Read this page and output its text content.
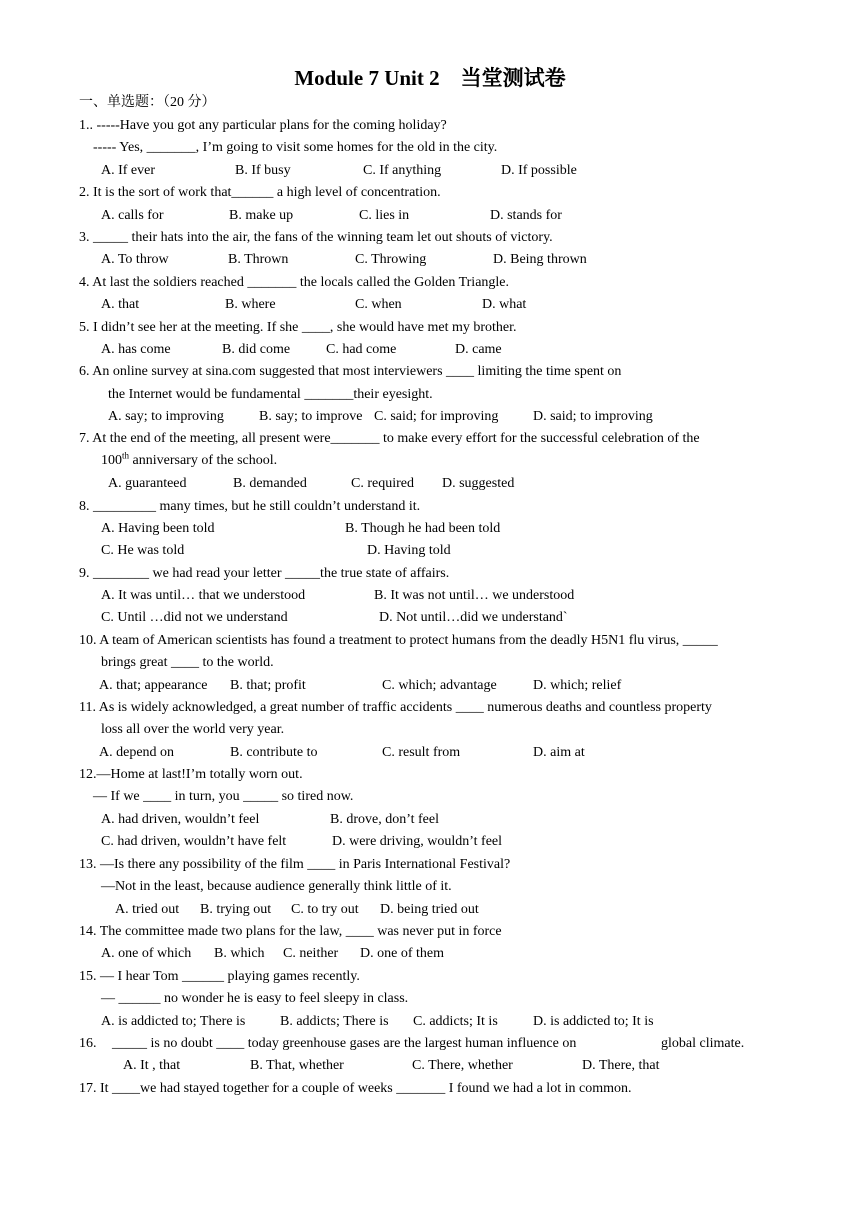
Module 7 Unit 2    当堂测试卷
一、单选题：（20 分）
1.. -----Have you got any particular plans for the coming holiday?
----- Yes, _______, I’m going to visit some homes for the old in the city.
A. If ever	B. If busy	C. If anything	D. If possible
2. It is the sort of work that______ a high level of concentration.
A. calls for	B. make up	C. lies in	D. stands for
3. _____ their hats into the air, the fans of the winning team let out shouts of victory.
A. To throw	B. Thrown	C. Throwing	D. Being thrown
4. At last the soldiers reached _______ the locals called the Golden Triangle.
A. that	B. where	C. when	D. what
5. I didn’t see her at the meeting. If she ____, she would have met my brother.
A. has come	B. did come	C. had come	D. came
6. An online survey at sina.com suggested that most interviewers ____ limiting the time spent on
the Internet would be fundamental _______their eyesight.
A. say; to improving	B. say; to improve C. said; for improving D. said; to improving
7. At the end of the meeting, all present were_______ to make every effort for the successful celebration of the
A. guaranteed	B. demanded	C. required D. suggested
8. _________ many times, but he still couldn’t understand it.
A. Having been told	B. Though he had been told
C. He was told	D. Having told
9. ________ we had read your letter _____the true state of affairs.
A. It was until… that we understood	B. It was not until… we understood
C. Until …did not we understand	D. Not until…did we understand`
10. A team of American scientists has found a treatment to protect humans from the deadly H5N1 flu virus, _____
brings great ____ to the world.
A. that; appearance B. that; profit	C. which; advantage	D. which; relief
11. As is widely acknowledged, a great number of traffic accidents ____ numerous deaths and countless property
loss all over the world very year.
A. depend on	B. contribute to	C. result from	D. aim at
12.—Home at last!I’m totally worn out.
— If we ____ in turn, you _____ so tired now.
A. had driven, wouldn’t feel	B. drove, don’t feel
C. had driven, wouldn’t have felt	D. were driving, wouldn’t feel
13. —Is there any possibility of the film ____ in Paris International Festival?
—Not in the least, because audience generally think little of it.
A. tried out B. trying out C. to try out D. being tried out
14. The committee made two plans for the law, ____ was never put in force
A. one of which B. which C. neither D. one of them
15. –– I hear Tom ______ playing games recently.
–– ______ no wonder he is easy to feel sleepy in class.
A. is addicted to; There is B. addicts; There is C. addicts; It is	D. is addicted to; It is
16. _____ is no doubt ____ today greenhouse gases are the largest human influence on	global climate.
A. It , that	B. That, whether	C. There, whether	D. There, that
17. It ____we had stayed together for a couple of weeks _______ I found we had a lot in common.
100th anniversary of the school.
